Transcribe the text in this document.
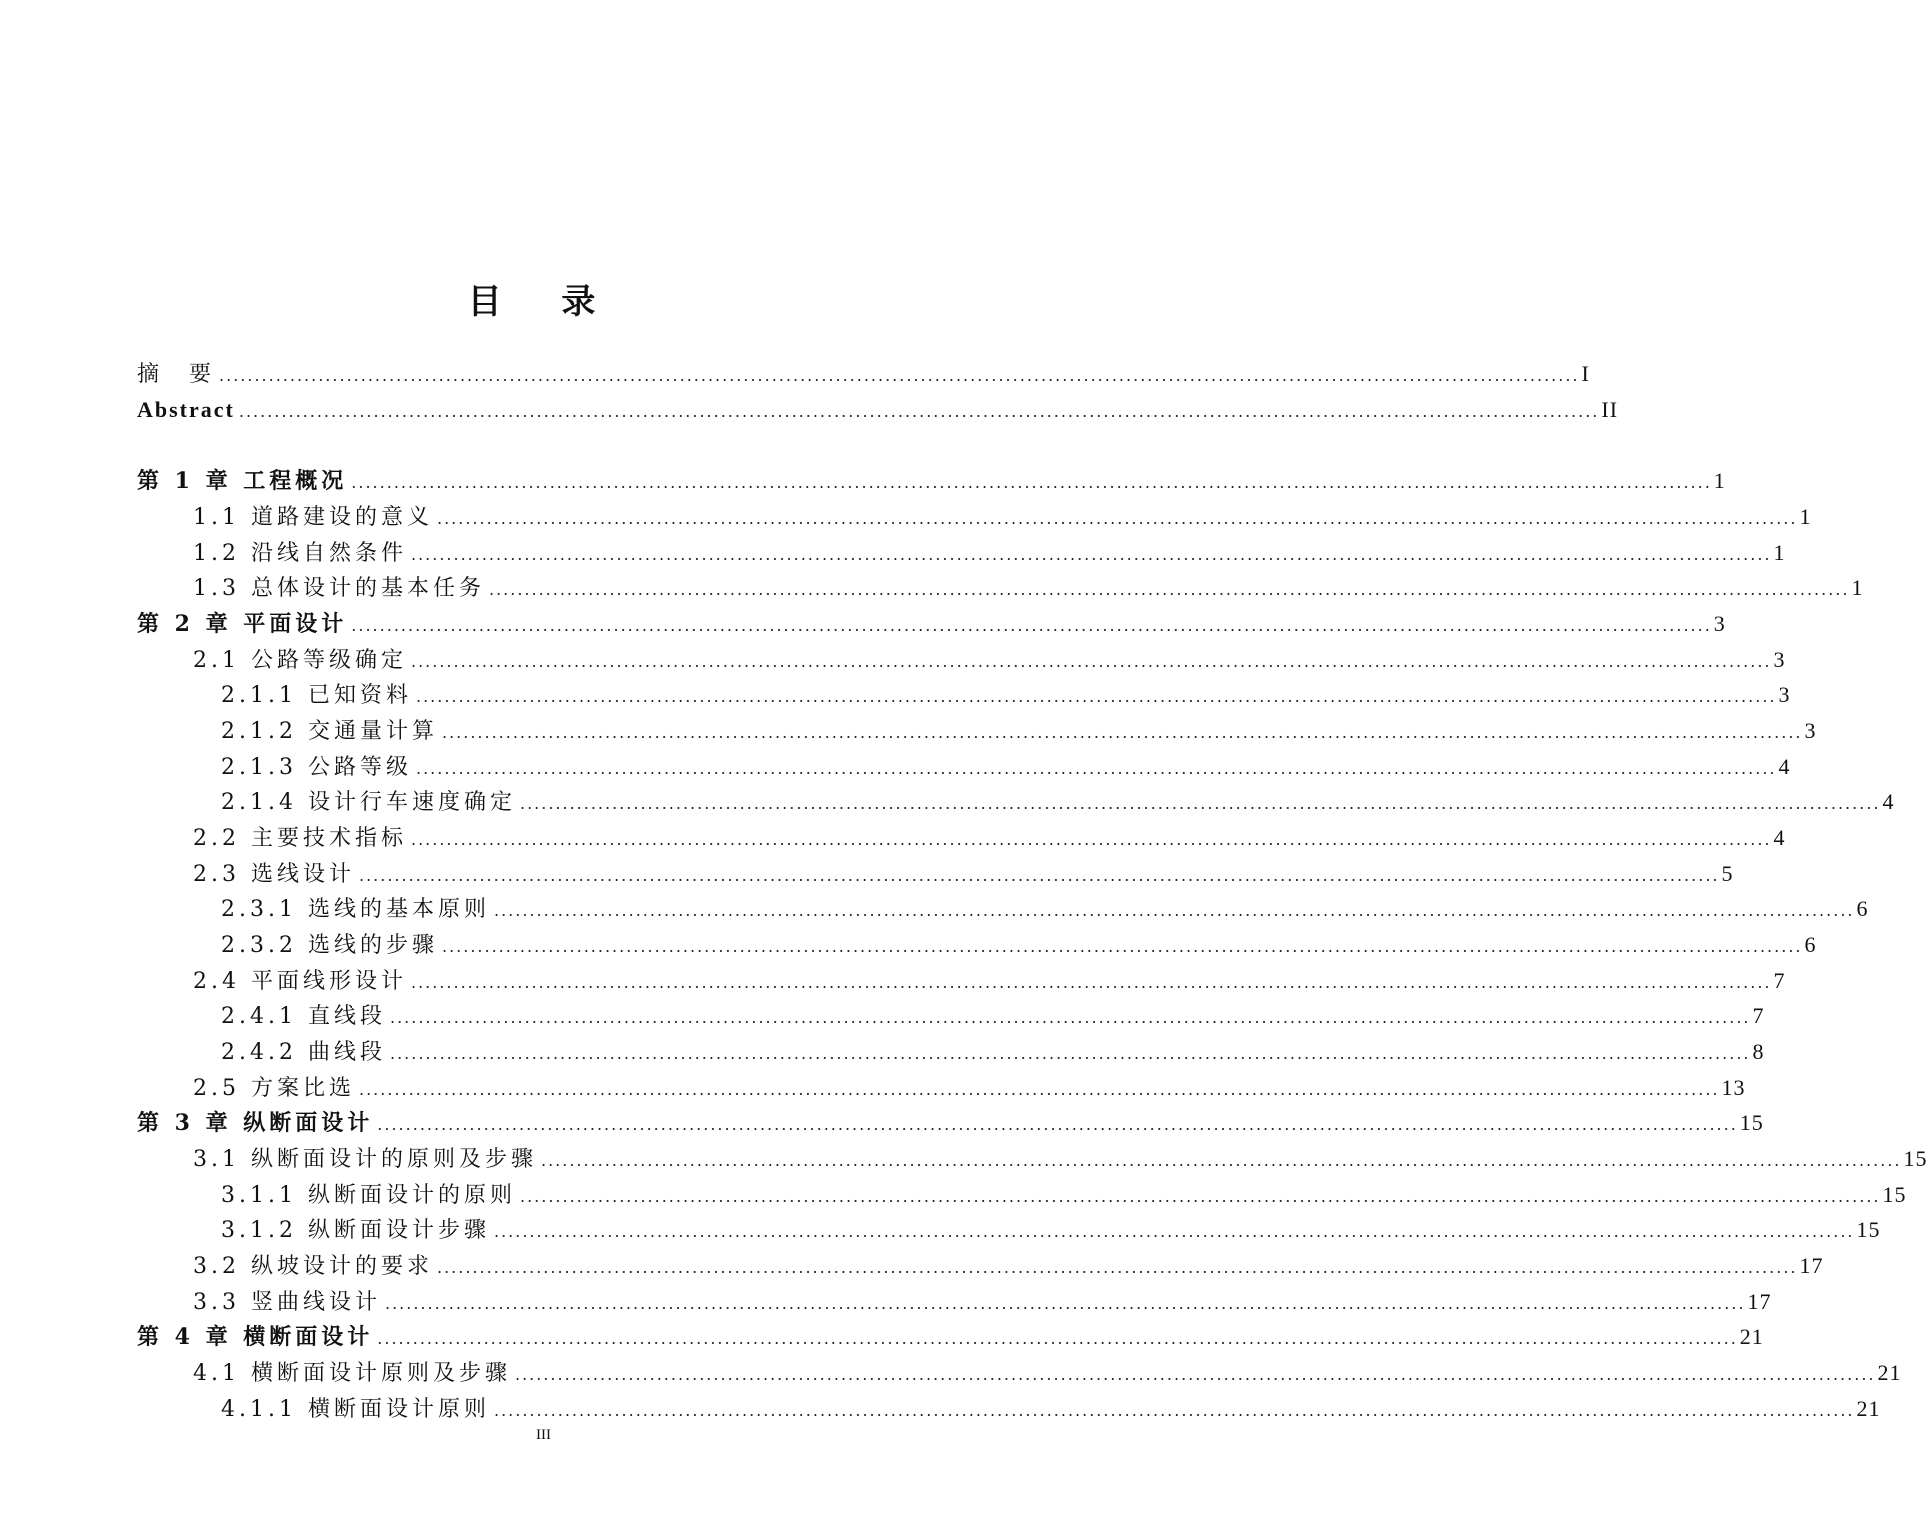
目 录
摘　要 ................................................................................................................................................................................................ I
Abstract ................................................................................................................................................................................................ II
第 1 章 工程概况 ................................................................................................................................................................................................ 1
1.1 道路建设的意义 ................................................................................................................................................................................................ 1
1.2 沿线自然条件 ................................................................................................................................................................................................ 1
1.3 总体设计的基本任务 ................................................................................................................................................................................................ 1
第 2 章 平面设计 ................................................................................................................................................................................................ 3
2.1 公路等级确定 ................................................................................................................................................................................................ 3
2.1.1 已知资料 ................................................................................................................................................................................................ 3
2.1.2 交通量计算 ................................................................................................................................................................................................ 3
2.1.3 公路等级 ................................................................................................................................................................................................ 4
2.1.4 设计行车速度确定 ................................................................................................................................................................................................ 4
2.2 主要技术指标 ................................................................................................................................................................................................ 4
2.3 选线设计 ................................................................................................................................................................................................ 5
2.3.1 选线的基本原则 ................................................................................................................................................................................................ 6
2.3.2 选线的步骤 ................................................................................................................................................................................................ 6
2.4 平面线形设计 ................................................................................................................................................................................................ 7
2.4.1 直线段 ................................................................................................................................................................................................ 7
2.4.2 曲线段 ................................................................................................................................................................................................ 8
2.5 方案比选 ................................................................................................................................................................................................ 13
第 3 章 纵断面设计 ................................................................................................................................................................................................ 15
3.1 纵断面设计的原则及步骤 ................................................................................................................................................................................................ 15
3.1.1 纵断面设计的原则 ................................................................................................................................................................................................ 15
3.1.2 纵断面设计步骤 ................................................................................................................................................................................................ 15
3.2 纵坡设计的要求 ................................................................................................................................................................................................ 17
3.3 竖曲线设计 ................................................................................................................................................................................................ 17
第 4 章 横断面设计 ................................................................................................................................................................................................ 21
4.1 横断面设计原则及步骤 ................................................................................................................................................................................................ 21
4.1.1 横断面设计原则 ................................................................................................................................................................................................ 21
III
